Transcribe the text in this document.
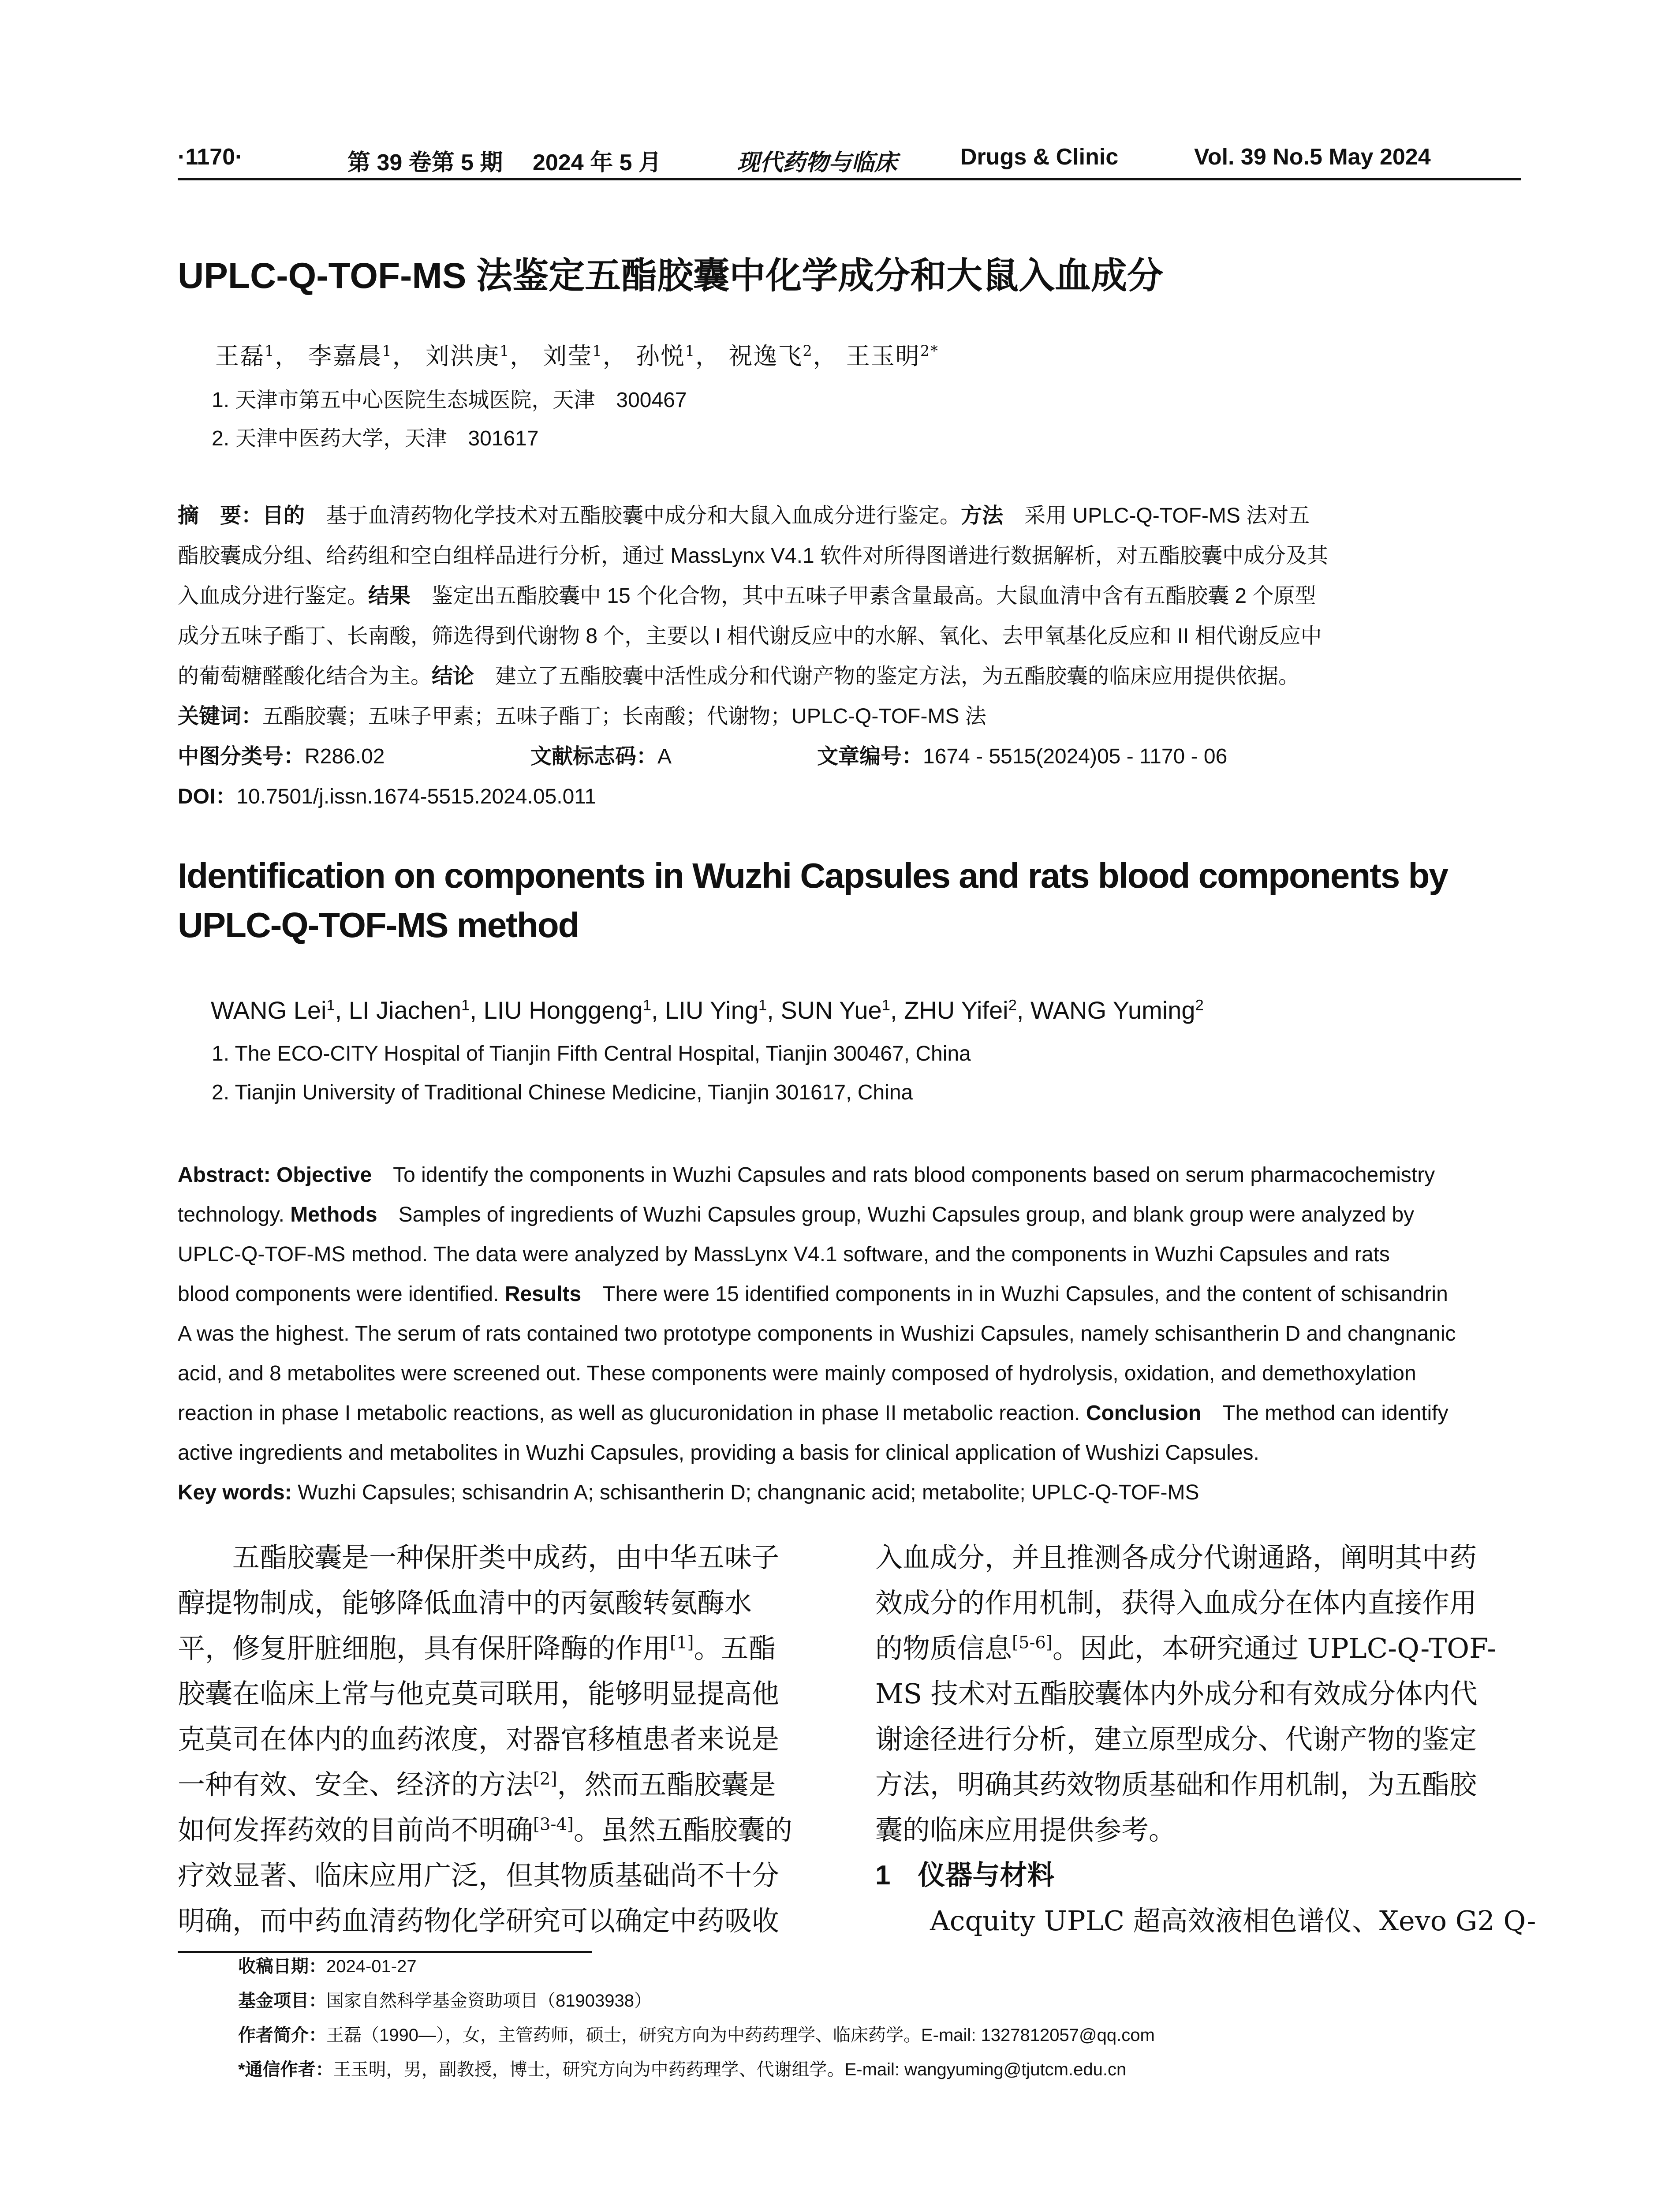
·1170·	第 39 卷第 5 期 2024 年 5 月	现代药物与临床	Drugs & Clinic	Vol. 39 No.5 May 2024
UPLC-Q-TOF-MS 法鉴定五酯胶囊中化学成分和大鼠入血成分
王磊$^1$， 李嘉晨$^1$， 刘洪庚$^1$， 刘莹$^1$， 孙悦$^1$， 祝逸飞$^2$， 王玉明$^{2*}$
1. 天津市第五中心医院生态城医院，天津　300467
2. 天津中医药大学，天津　301617
摘　要：目的　基于血清药物化学技术对五酯胶囊中成分和大鼠入血成分进行鉴定。方法　采用 UPLC-Q-TOF-MS 法对五
酯胶囊成分组、给药组和空白组样品进行分析，通过 MassLynx V4.1 软件对所得图谱进行数据解析，对五酯胶囊中成分及其
入血成分进行鉴定。结果　鉴定出五酯胶囊中 15 个化合物，其中五味子甲素含量最高。大鼠血清中含有五酯胶囊 2 个原型
成分五味子酯丁、长南酸，筛选得到代谢物 8 个，主要以 I 相代谢反应中的水解、氧化、去甲氧基化反应和 II 相代谢反应中
的葡萄糖醛酸化结合为主。结论　建立了五酯胶囊中活性成分和代谢产物的鉴定方法，为五酯胶囊的临床应用提供依据。
关键词：五酯胶囊；五味子甲素；五味子酯丁；长南酸；代谢物；UPLC-Q-TOF-MS 法
中图分类号：R286.02	文献标志码：A	文章编号：1674 - 5515(2024)05 - 1170 - 06
DOI：10.7501/j.issn.1674-5515.2024.05.011
Identification on components in Wuzhi Capsules and rats blood components by
UPLC-Q-TOF-MS method
WANG Lei$^1$, LI Jiachen$^1$, LIU Honggeng$^1$, LIU Ying$^1$, SUN Yue$^1$, ZHU Yifei$^2$, WANG Yuming$^2$
1. The ECO-CITY Hospital of Tianjin Fifth Central Hospital, Tianjin 300467, China
2. Tianjin University of Traditional Chinese Medicine, Tianjin 301617, China
Abstract: Objective　To identify the components in Wuzhi Capsules and rats blood components based on serum pharmacochemistry
technology. Methods　Samples of ingredients of Wuzhi Capsules group, Wuzhi Capsules group, and blank group were analyzed by
UPLC-Q-TOF-MS method. The data were analyzed by MassLynx V4.1 software, and the components in Wuzhi Capsules and rats
blood components were identified. Results　There were 15 identified components in in Wuzhi Capsules, and the content of schisandrin
A was the highest. The serum of rats contained two prototype components in Wushizi Capsules, namely schisantherin D and changnanic
acid, and 8 metabolites were screened out. These components were mainly composed of hydrolysis, oxidation, and demethoxylation
reaction in phase I metabolic reactions, as well as glucuronidation in phase II metabolic reaction. Conclusion　The method can identify
active ingredients and metabolites in Wuzhi Capsules, providing a basis for clinical application of Wushizi Capsules.
Key words: Wuzhi Capsules; schisandrin A; schisantherin D; changnanic acid; metabolite; UPLC-Q-TOF-MS
五酯胶囊是一种保肝类中成药，由中华五味子
醇提物制成，能够降低血清中的丙氨酸转氨酶水
平，修复肝脏细胞，具有保肝降酶的作用[1]。五酯
胶囊在临床上常与他克莫司联用，能够明显提高他
克莫司在体内的血药浓度，对器官移植患者来说是
一种有效、安全、经济的方法[2]，然而五酯胶囊是
如何发挥药效的目前尚不明确[3-4]。虽然五酯胶囊的
疗效显著、临床应用广泛，但其物质基础尚不十分
明确，而中药血清药物化学研究可以确定中药吸收
入血成分，并且推测各成分代谢通路，阐明其中药
效成分的作用机制，获得入血成分在体内直接作用
的物质信息[5-6]。因此，本研究通过 UPLC-Q-TOF-
MS 技术对五酯胶囊体内外成分和有效成分体内代
谢途径进行分析，建立原型成分、代谢产物的鉴定
方法，明确其药效物质基础和作用机制，为五酯胶
囊的临床应用提供参考。
1　仪器与材料
Acquity UPLC 超高效液相色谱仪、Xevo G2 Q-
收稿日期：2024-01-27
基金项目：国家自然科学基金资助项目（81903938）
作者简介：王磊（1990—），女，主管药师，硕士，研究方向为中药药理学、临床药学。E-mail: 1327812057@qq.com
*通信作者：王玉明，男，副教授，博士，研究方向为中药药理学、代谢组学。E-mail: wangyuming@tjutcm.edu.cn
